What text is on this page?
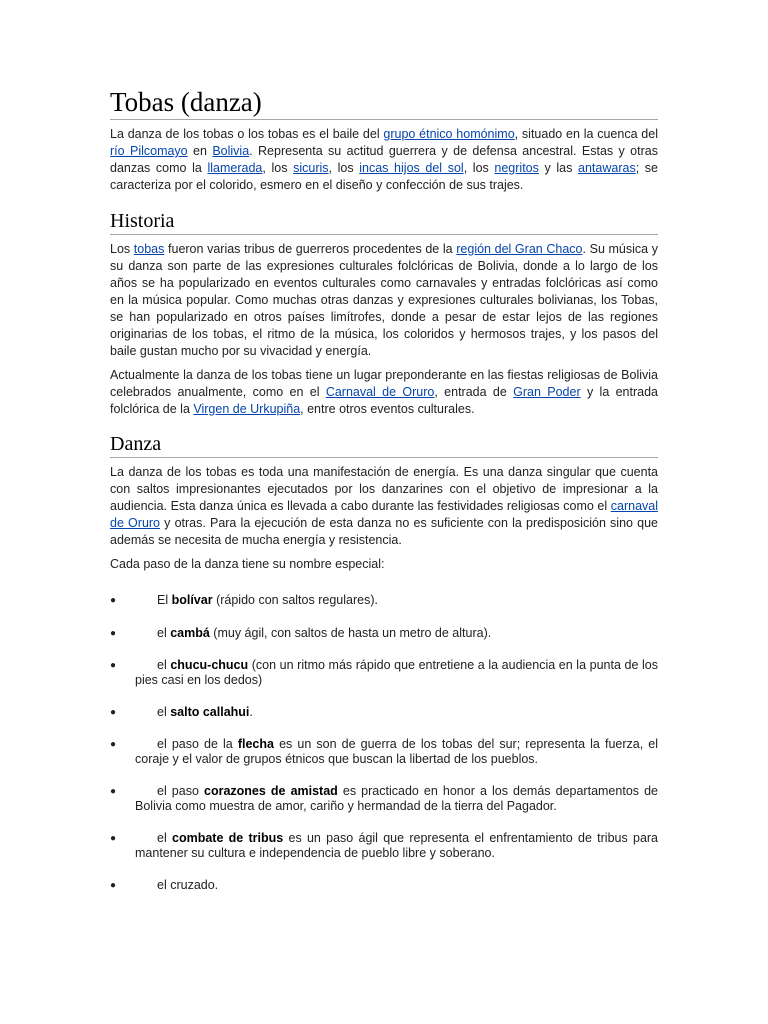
Tobas (danza)

La danza de los tobas o los tobas es el baile del grupo étnico homónimo, situado en la cuenca del río Pilcomayo en Bolivia. Representa su actitud guerrera y de defensa ancestral. Estas y otras danzas como la llamerada, los sicuris, los incas hijos del sol, los negritos y las antawaras; se caracteriza por el colorido, esmero en el diseño y confección de sus trajes.

Historia

Los tobas fueron varias tribus de guerreros procedentes de la región del Gran Chaco. Su música y su danza son parte de las expresiones culturales folclóricas de Bolivia, donde a lo largo de los años se ha popularizado en eventos culturales como carnavales y entradas folclóricas así como en la música popular. Como muchas otras danzas y expresiones culturales bolivianas, los Tobas, se han popularizado en otros países limítrofes, donde a pesar de estar lejos de las regiones originarias de los tobas, el ritmo de la música, los coloridos y hermosos trajes, y los pasos del baile gustan mucho por su vivacidad y energía.

Actualmente la danza de los tobas tiene un lugar preponderante en las fiestas religiosas de Bolivia celebrados anualmente, como en el Carnaval de Oruro, entrada de Gran Poder y la entrada folclórica de la Virgen de Urkupiña, entre otros eventos culturales.

Danza

La danza de los tobas es toda una manifestación de energía. Es una danza singular que cuenta con saltos impresionantes ejecutados por los danzarines con el objetivo de impresionar a la audiencia. Esta danza única es llevada a cabo durante las festividades religiosas como el carnaval de Oruro y otras. Para la ejecución de esta danza no es suficiente con la predisposición sino que además se necesita de mucha energía y resistencia.

Cada paso de la danza tiene su nombre especial:

●	El bolívar (rápido con saltos regulares).
●	el cambá (muy ágil, con saltos de hasta un metro de altura).
●	el chucu-chucu (con un ritmo más rápido que entretiene a la audiencia en la punta de los pies casi en los dedos)
●	el salto callahui.
●	el paso de la flecha es un son de guerra de los tobas del sur; representa la fuerza, el coraje y el valor de grupos étnicos que buscan la libertad de los pueblos.
●	el paso corazones de amistad es practicado en honor a los demás departamentos de Bolivia como muestra de amor, cariño y hermandad de la tierra del Pagador.
●	el combate de tribus es un paso ágil que representa el enfrentamiento de tribus para mantener su cultura e independencia de pueblo libre y soberano.
●	el cruzado.
